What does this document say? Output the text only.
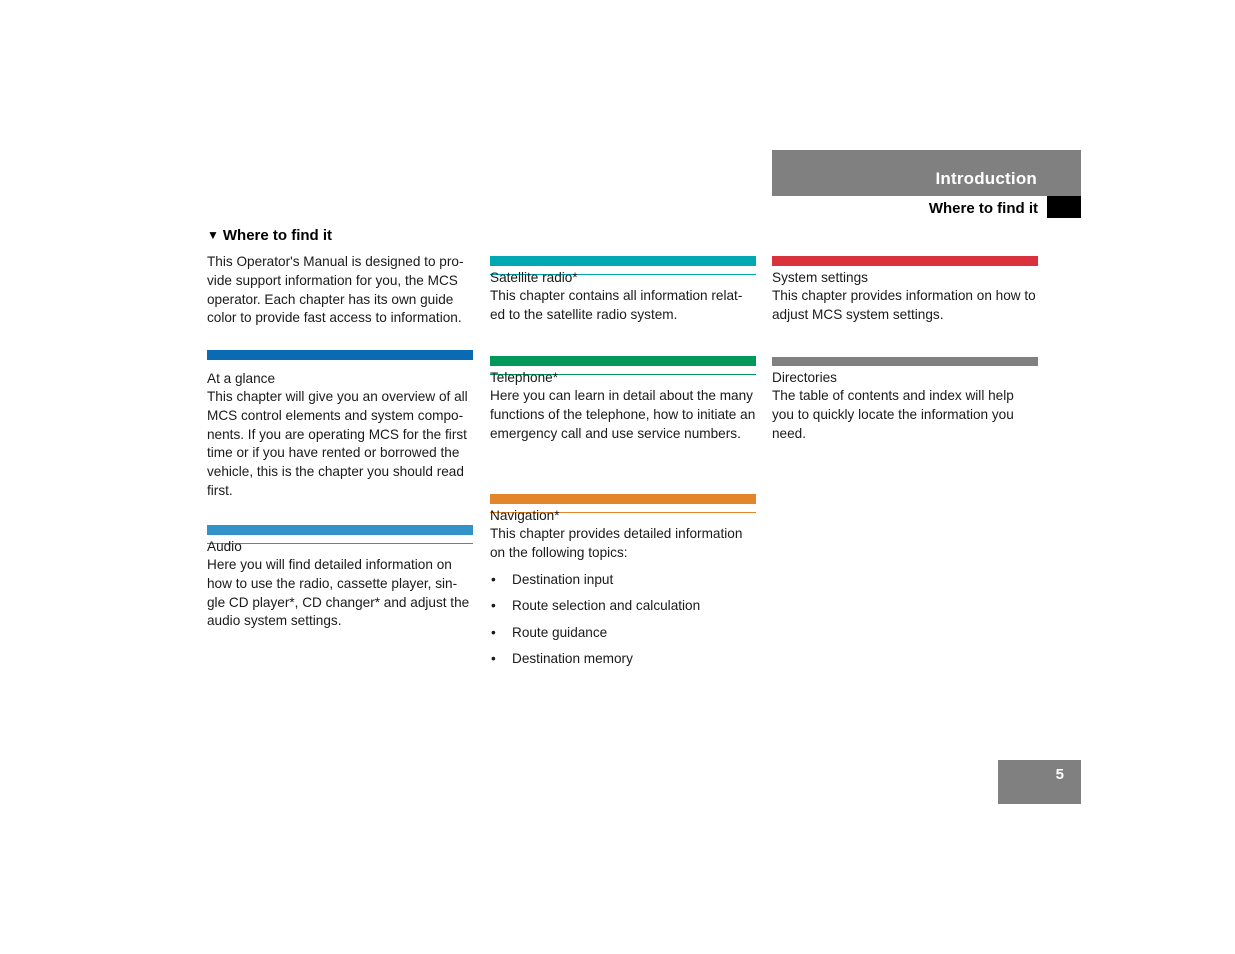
Introduction
Where to find it
▼ Where to find it

This Operator's Manual is designed to pro-vide support information for you, the MCS operator. Each chapter has its own guide color to provide fast access to information.

At a glance

This chapter will give you an overview of all MCS control elements and system compo-nents. If you are operating MCS for the first time or if you have rented or borrowed the vehicle, this is the chapter you should read first.

Audio

Here you will find detailed information on how to use the radio, cassette player, sin-gle CD player*, CD changer* and adjust the audio system settings.

Satellite radio*

This chapter contains all information relat-ed to the satellite radio system.

Telephone*

Here you can learn in detail about the many functions of the telephone, how to initiate an emergency call and use service numbers.

Navigation*

This chapter provides detailed information on the following topics:

• Destination input
• Route selection and calculation
• Route guidance
• Destination memory
System settings

This chapter provides information on how to adjust MCS system settings.

Directories

The table of contents and index will help you to quickly locate the information you need.

5
